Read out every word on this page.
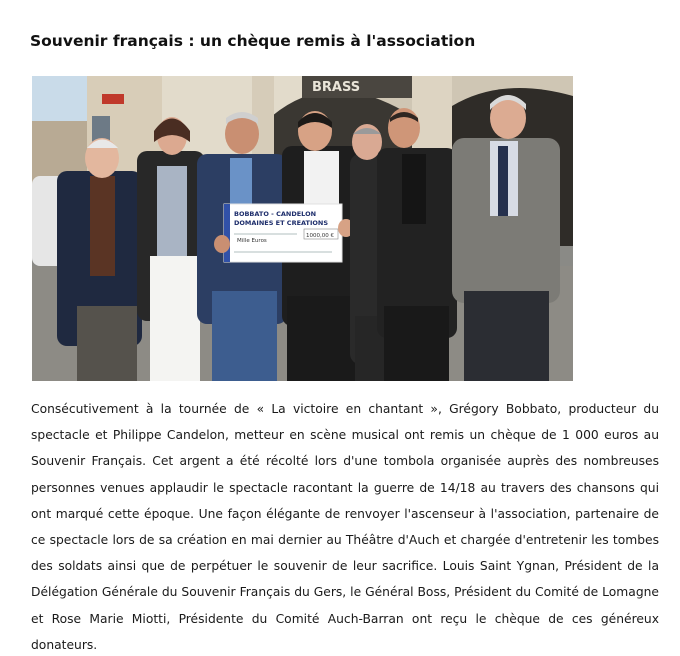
Souvenir français : un chèque remis à l'association
BRASS
BOBBATO - CANDELON
DOMAINES ET CREATIONS
Mille Euros
1000,00 €

Consécutivement à la tournée de « La victoire en chantant », Grégory Bobbato, producteur du spectacle et Philippe Candelon, metteur en scène musical ont remis un chèque de 1 000 euros au Souvenir Français. Cet argent a été récolté lors d'une tombola organisée auprès des nombreuses personnes venues applaudir le spectacle racontant la guerre de 14/18 au travers des chansons qui ont marqué cette époque. Une façon élégante de renvoyer l'ascenseur à l'association, partenaire de ce spectacle lors de sa création en mai dernier au Théâtre d'Auch et chargée d'entretenir les tombes des soldats ainsi que de perpétuer le souvenir de leur sacrifice. Louis Saint Ygnan, Président de la Délégation Générale du Souvenir Français du Gers, le Général Boss, Président du Comité de Lomagne et Rose Marie Miotti, Présidente du Comité Auch-Barran ont reçu le chèque de ces généreux donateurs.
